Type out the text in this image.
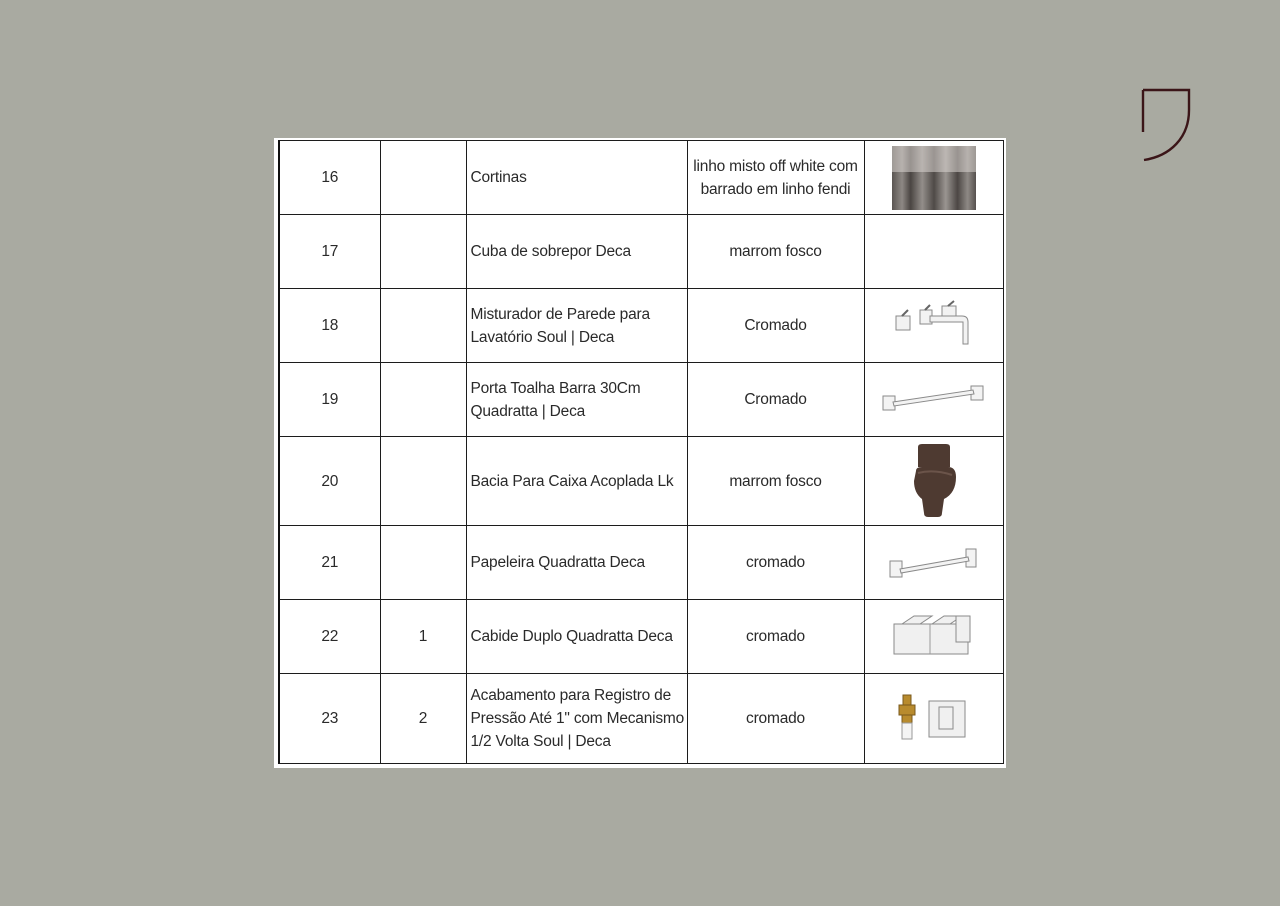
16		Cortinas	linho misto off white com barrado em linho fendi	

17		Cuba de sobrepor Deca	marrom fosco	
18		Misturador de Parede para Lavatório Soul | Deca	Cromado	

19		Porta Toalha Barra 30Cm Quadratta | Deca	Cromado	

20		Bacia Para Caixa Acoplada Lk	marrom fosco	

21		Papeleira Quadratta Deca	cromado	

22	1	Cabide Duplo Quadratta Deca	cromado	

23	2	Acabamento para Registro de Pressão Até 1" com Mecanismo 1/2 Volta Soul | Deca	cromado	
